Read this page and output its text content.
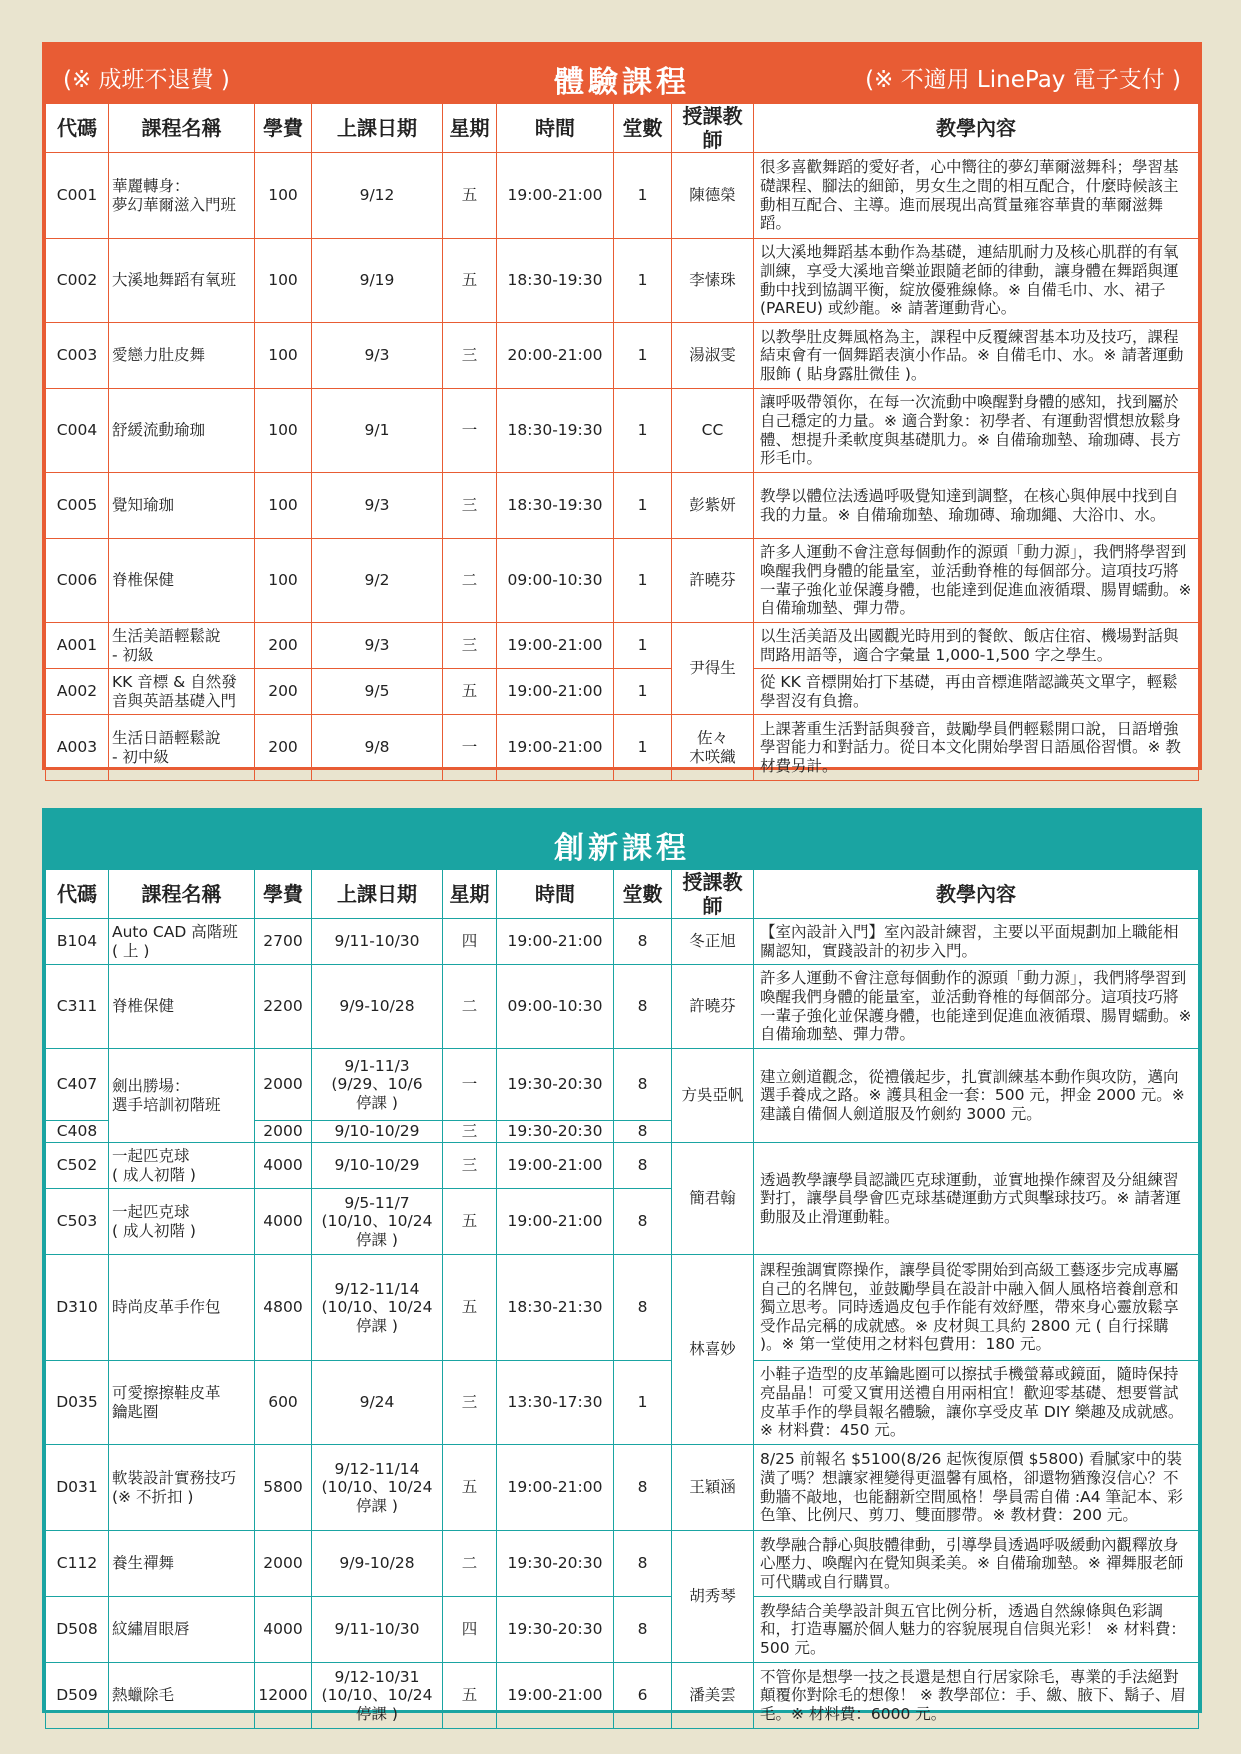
(※ 成班不退費 )	體驗課程	(※ 不適用 LinePay 電子支付 )
代碼	課程名稱	學費	上課日期	星期	時間	堂數	授課教師	教學內容
C001	華麗轉身：
夢幻華爾滋入門班	100	9/12	五	19:00-21:00	1	陳德榮	很多喜歡舞蹈的愛好者，心中嚮往的夢幻華爾滋舞科；學習基礎課程、腳法的細節，男女生之間的相互配合，什麼時候該主動相互配合、主導。進而展現出高質量雍容華貴的華爾滋舞蹈。
C002	大溪地舞蹈有氧班	100	9/19	五	18:30-19:30	1	李愫珠	以大溪地舞蹈基本動作為基礎，連結肌耐力及核心肌群的有氧訓練，享受大溪地音樂並跟隨老師的律動，讓身體在舞蹈與運動中找到協調平衡，綻放優雅線條。※ 自備毛巾、水、裙子 (PAREU) 或紗龍。※ 請著運動背心。
C003	愛戀力肚皮舞	100	9/3	三	20:00-21:00	1	湯淑雯	以教學肚皮舞風格為主，課程中反覆練習基本功及技巧，課程結束會有一個舞蹈表演小作品。※ 自備毛巾、水。※ 請著運動服飾 ( 貼身露肚微佳 )。
C004	舒緩流動瑜珈	100	9/1	一	18:30-19:30	1	CC	讓呼吸帶領你，在每一次流動中喚醒對身體的感知，找到屬於自己穩定的力量。※ 適合對象：初學者、有運動習慣想放鬆身體、想提升柔軟度與基礎肌力。※ 自備瑜珈墊、瑜珈磚、長方形毛巾。
C005	覺知瑜珈	100	9/3	三	18:30-19:30	1	彭紫妍	教學以體位法透過呼吸覺知達到調整，在核心與伸展中找到自我的力量。※ 自備瑜珈墊、瑜珈磚、瑜珈繩、大浴巾、水。
C006	脊椎保健	100	9/2	二	09:00-10:30	1	許曉芬	許多人運動不會注意每個動作的源頭「動力源」，我們將學習到喚醒我們身體的能量室，並活動脊椎的每個部分。這項技巧將一輩子強化並保護身體，也能達到促進血液循環、腸胃蠕動。※ 自備瑜珈墊、彈力帶。
A001	生活美語輕鬆說
- 初級	200	9/3	三	19:00-21:00	1	尹得生	以生活美語及出國觀光時用到的餐飲、飯店住宿、機場對話與問路用語等，適合字彙量 1,000-1,500 字之學生。
A002	KK 音標 & 自然發音與英語基礎入門	200	9/5	五	19:00-21:00	1		從 KK 音標開始打下基礎，再由音標進階認識英文單字，輕鬆學習沒有負擔。
A003	生活日語輕鬆說
- 初中級	200	9/8	一	19:00-21:00	1	佐々
木咲織	上課著重生活對話與發音，鼓勵學員們輕鬆開口說，日語增強學習能力和對話力。從日本文化開始學習日語風俗習慣。※ 教材費另計。
創新課程
代碼	課程名稱	學費	上課日期	星期	時間	堂數	授課教師	教學內容
B104	Auto CAD 高階班
( 上 )	2700	9/11-10/30	四	19:00-21:00	8	冬正旭	【室內設計入門】室內設計練習，主要以平面規劃加上職能相關認知，實踐設計的初步入門。
C311	脊椎保健	2200	9/9-10/28	二	09:00-10:30	8	許曉芬	許多人運動不會注意每個動作的源頭「動力源」，我們將學習到喚醒我們身體的能量室，並活動脊椎的每個部分。這項技巧將一輩子強化並保護身體，也能達到促進血液循環、腸胃蠕動。※ 自備瑜珈墊、彈力帶。
C407	劍出勝場：
選手培訓初階班	2000	9/1-11/3
(9/29、10/6
停課 )	一	19:30-20:30	8	方吳亞帆	建立劍道觀念，從禮儀起步，扎實訓練基本動作與攻防，邁向選手養成之路。※ 護具租金一套：500 元，押金 2000 元。※ 建議自備個人劍道服及竹劍約 3000 元。
C408		2000	9/10-10/29	三	19:30-20:30	8		
C502	一起匹克球
( 成人初階 )	4000	9/10-10/29	三	19:00-21:00	8	簡君翰	透過教學讓學員認識匹克球運動，並實地操作練習及分組練習對打，讓學員學會匹克球基礎運動方式與擊球技巧。※ 請著運動服及止滑運動鞋。
C503	一起匹克球
( 成人初階 )	4000	9/5-11/7
(10/10、10/24
停課 )	五	19:00-21:00	8		
D310	時尚皮革手作包	4800	9/12-11/14
(10/10、10/24
停課 )	五	18:30-21:30	8	林喜妙	課程強調實際操作，讓學員從零開始到高級工藝逐步完成專屬自己的名牌包，並鼓勵學員在設計中融入個人風格培養創意和獨立思考。同時透過皮包手作能有效紓壓，帶來身心靈放鬆享受作品完稱的成就感。※ 皮材與工具約 2800 元 ( 自行採購 )。※ 第一堂使用之材料包費用：180 元。
D035	可愛擦擦鞋皮革
鑰匙圈	600	9/24	三	13:30-17:30	1		小鞋子造型的皮革鑰匙圈可以擦拭手機螢幕或鏡面，隨時保持亮晶晶！可愛又實用送禮自用兩相宜！歡迎零基礎、想要嘗試皮革手作的學員報名體驗，讓你享受皮革 DIY 樂趣及成就感。※ 材料費：450 元。
D031	軟裝設計實務技巧
(※ 不折扣 )	5800	9/12-11/14
(10/10、10/24
停課 )	五	19:00-21:00	8	王穎涵	8/25 前報名 $5100(8/26 起恢復原價 $5800) 看膩家中的裝潢了嗎？想讓家裡變得更溫馨有風格，卻還物猶豫沒信心？不動牆不敲地，也能翻新空間風格！學員需自備 :A4 筆記本、彩色筆、比例尺、剪刀、雙面膠帶。※ 教材費：200 元。
C112	養生禪舞	2000	9/9-10/28	二	19:30-20:30	8	胡秀琴	教學融合靜心與肢體律動，引導學員透過呼吸緩動內觀釋放身心壓力、喚醒內在覺知與柔美。※ 自備瑜珈墊。※ 禪舞服老師可代購或自行購買。
D508	紋繡眉眼唇	4000	9/11-10/30	四	19:30-20:30	8		教學結合美學設計與五官比例分析，透過自然線條與色彩調和，打造專屬於個人魅力的容貌展現自信與光彩！ ※ 材料費：500 元。
D509	熱蠟除毛	12000	9/12-10/31
(10/10、10/24
停課 )	五	19:00-21:00	6	潘美雲	不管你是想學一技之長還是想自行居家除毛，專業的手法絕對顛覆你對除毛的想像！ ※ 教學部位：手、繳、腋下、鬍子、眉毛。※ 材料費：6000 元。
